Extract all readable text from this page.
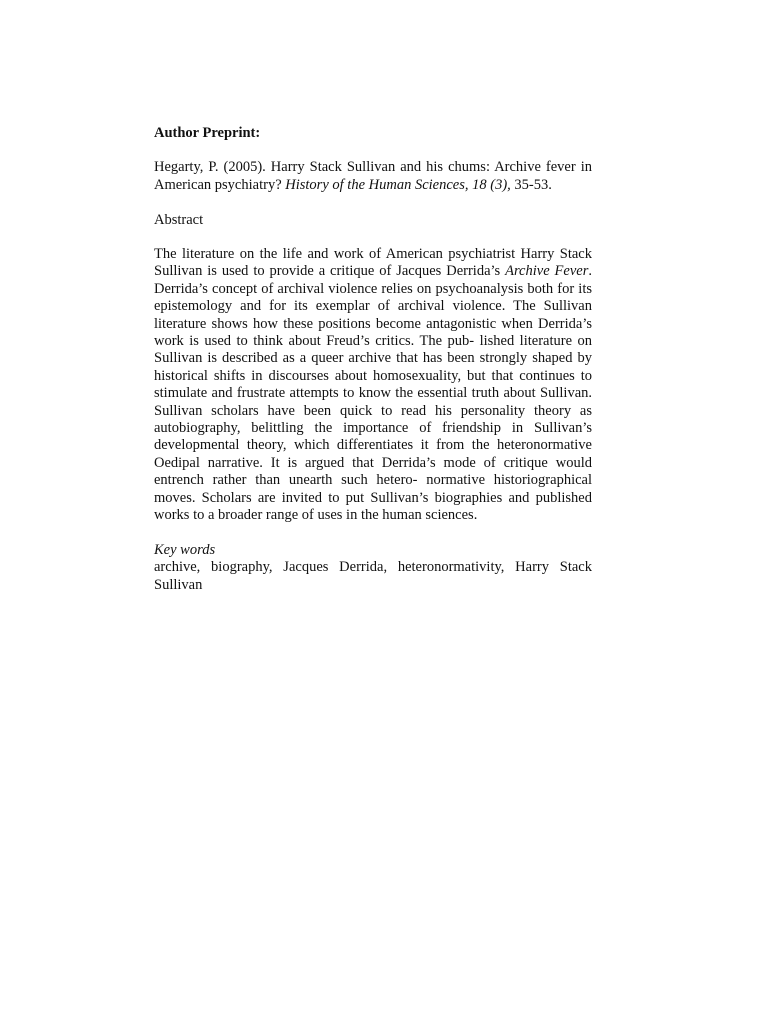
Author Preprint:

Hegarty, P. (2005). Harry Stack Sullivan and his chums: Archive fever in American psychiatry? History of the Human Sciences, 18 (3), 35-53.

Abstract

The literature on the life and work of American psychiatrist Harry Stack Sullivan is used to provide a critique of Jacques Derrida’s Archive Fever. Derrida’s concept of archival violence relies on psychoanalysis both for its epistemology and for its exemplar of archival violence. The Sullivan literature shows how these positions become antagonistic when Derrida’s work is used to think about Freud’s critics. The pub- lished literature on Sullivan is described as a queer archive that has been strongly shaped by historical shifts in discourses about homosexuality, but that continues to stimulate and frustrate attempts to know the essential truth about Sullivan. Sullivan scholars have been quick to read his personality theory as autobiography, belittling the importance of friendship in Sullivan’s developmental theory, which differentiates it from the heteronormative Oedipal narrative. It is argued that Derrida’s mode of critique would entrench rather than unearth such hetero- normative historiographical moves. Scholars are invited to put Sullivan’s biographies and published works to a broader range of uses in the human sciences.

Key words

archive, biography, Jacques Derrida, heteronormativity, Harry Stack Sullivan
